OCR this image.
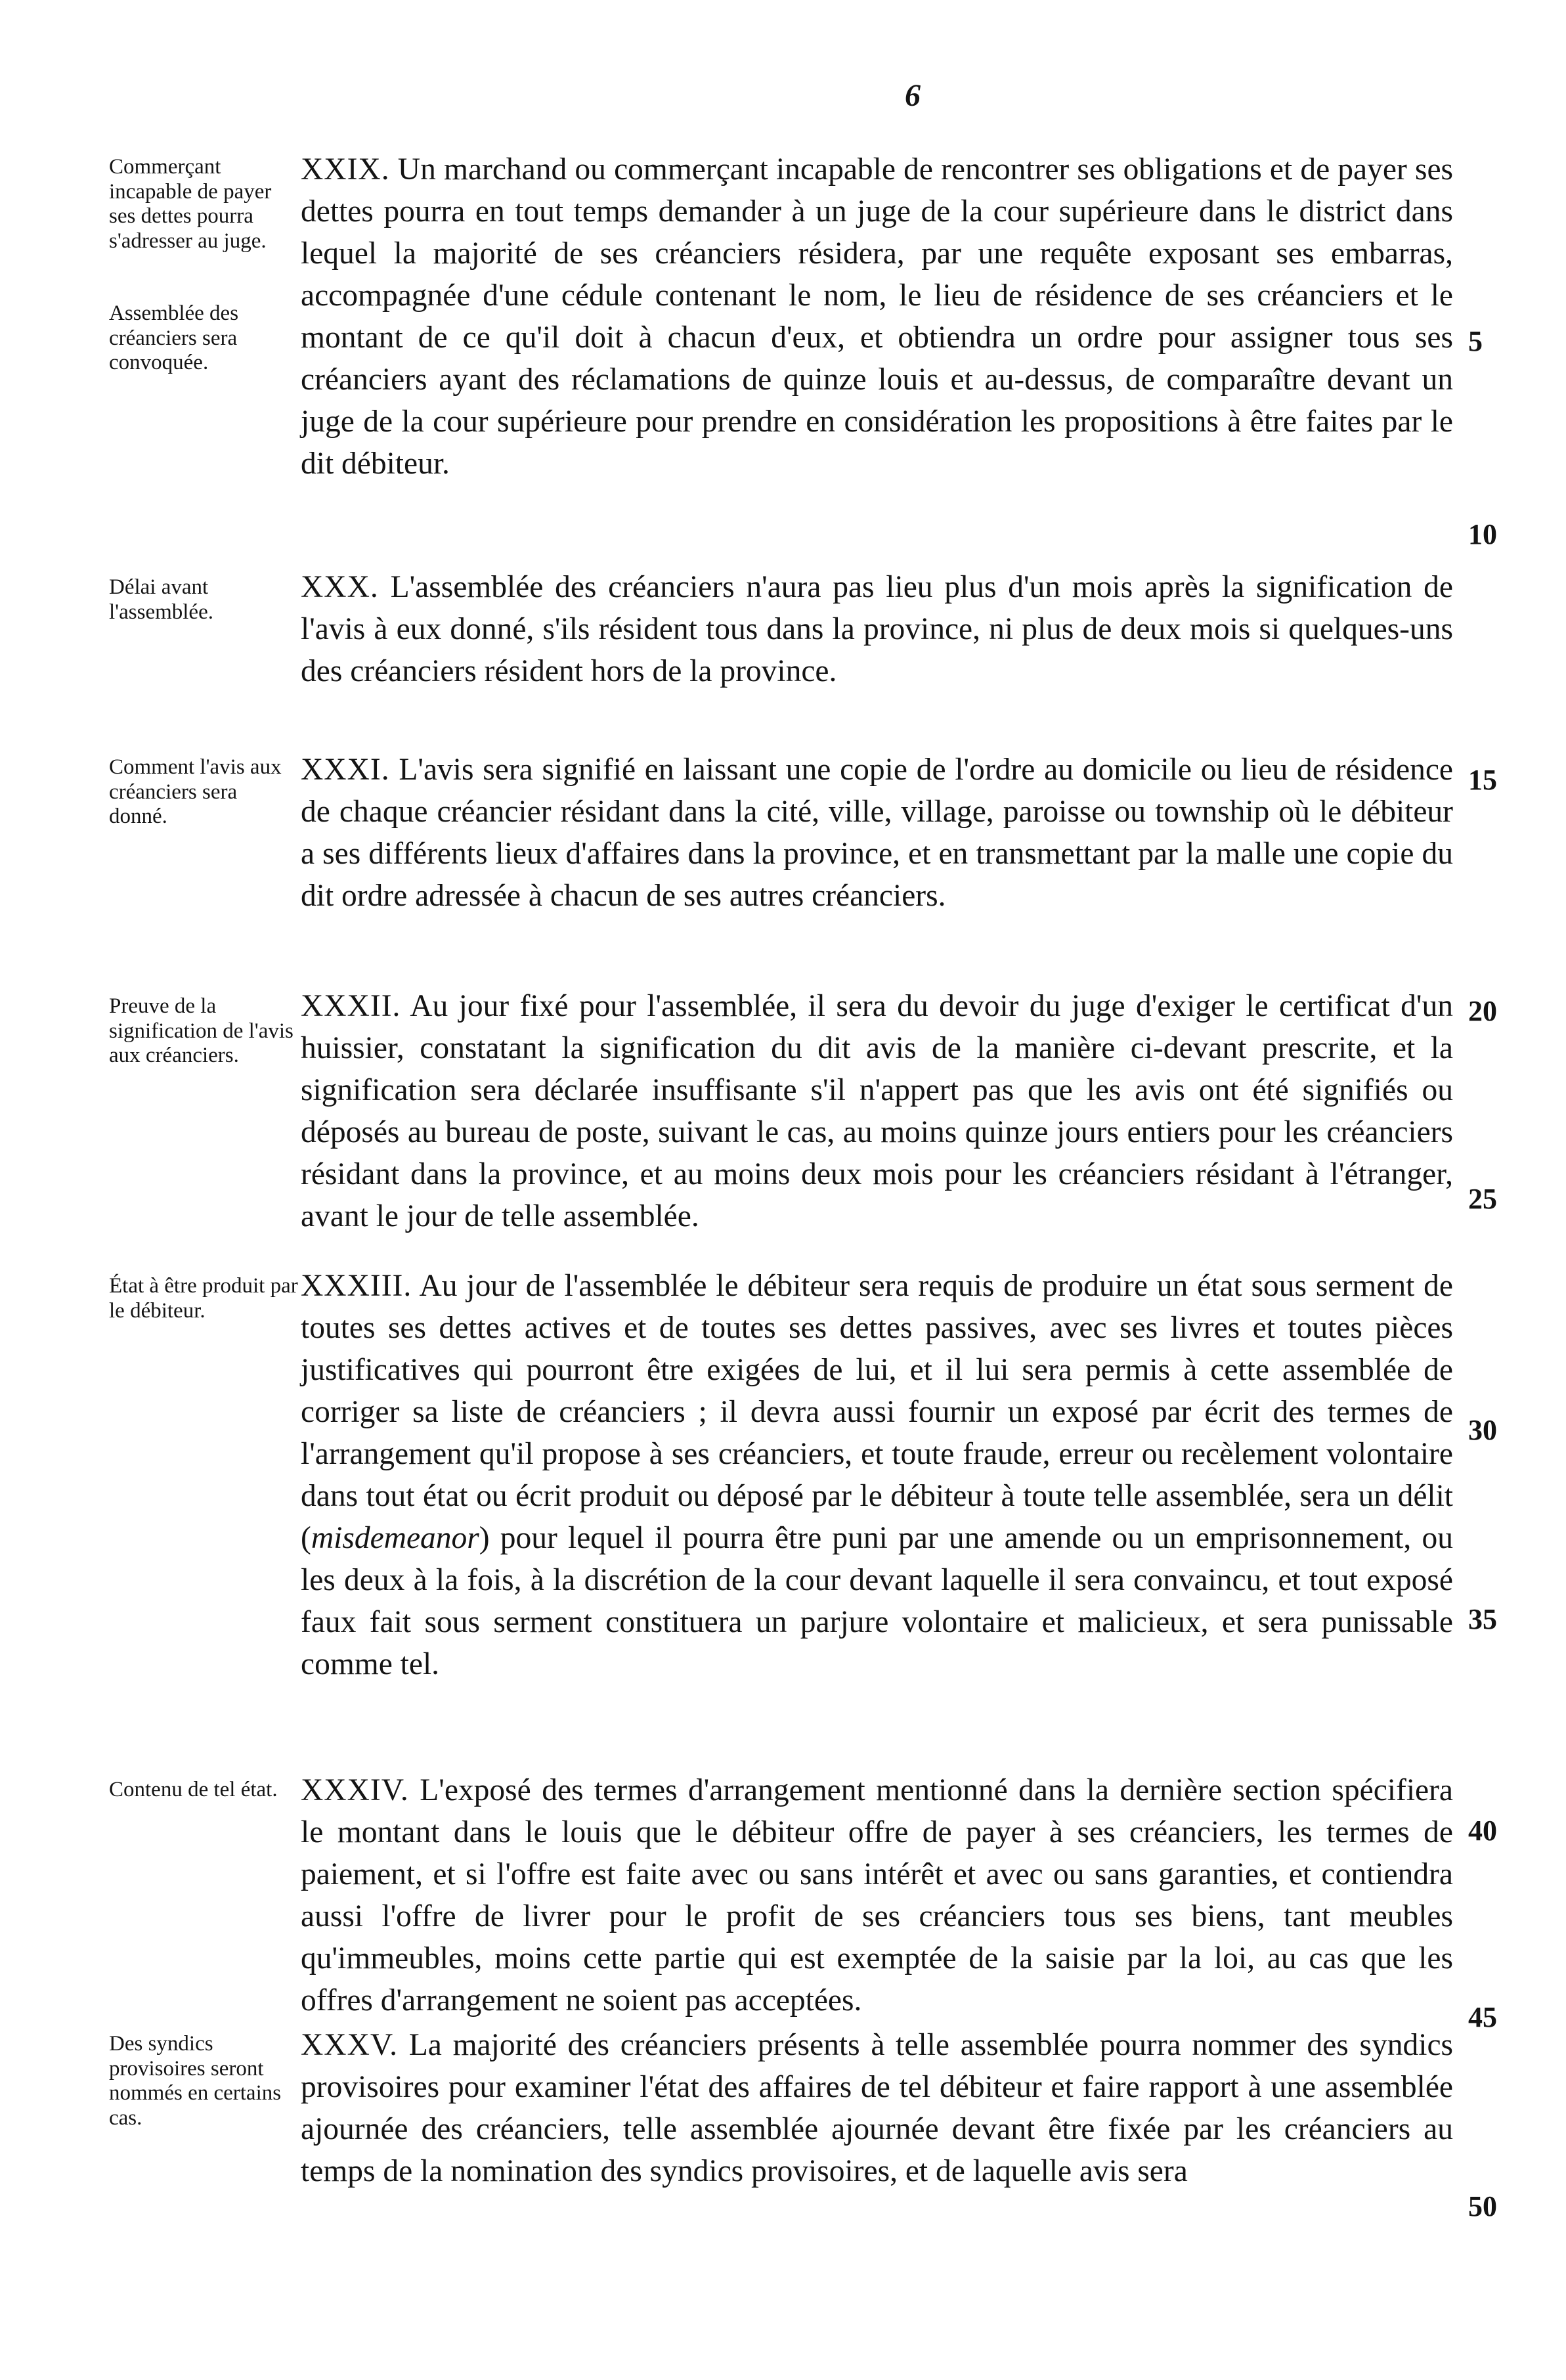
6
Commerçant incapable de payer ses dettes pourra s'adresser au juge.
Assemblée des créanciers sera convoquée.
Délai avant l'assemblée.
Comment l'avis aux créanciers sera donné.
Preuve de la signification de l'avis aux créanciers.
État à être produit par le débiteur.
Contenu de tel état.
Des syndics provisoires seront nommés en certains cas.
XXIX. Un marchand ou commerçant incapable de rencontrer ses obligations et de payer ses dettes pourra en tout temps demander à un juge de la cour supérieure dans le district dans lequel la majorité de ses créanciers résidera, par une requête exposant ses embarras, accompagnée d'une cédule contenant le nom, le lieu de résidence de ses créanciers et le montant de ce qu'il doit à chacun d'eux, et obtiendra un ordre pour assigner tous ses créanciers ayant des réclamations de quinze louis et au-dessus, de comparaître devant un juge de la cour supérieure pour prendre en considération les propositions à être faites par le dit débiteur.
XXX. L'assemblée des créanciers n'aura pas lieu plus d'un mois après la signification de l'avis à eux donné, s'ils résident tous dans la province, ni plus de deux mois si quelques-uns des créanciers résident hors de la province.
XXXI. L'avis sera signifié en laissant une copie de l'ordre au domicile ou lieu de résidence de chaque créancier résidant dans la cité, ville, village, paroisse ou township où le débiteur a ses différents lieux d'affaires dans la province, et en transmettant par la malle une copie du dit ordre adressée à chacun de ses autres créanciers.
XXXII. Au jour fixé pour l'assemblée, il sera du devoir du juge d'exiger le certificat d'un huissier, constatant la signification du dit avis de la manière ci-devant prescrite, et la signification sera déclarée insuffisante s'il n'appert pas que les avis ont été signifiés ou déposés au bureau de poste, suivant le cas, au moins quinze jours entiers pour les créanciers résidant dans la province, et au moins deux mois pour les créanciers résidant à l'étranger, avant le jour de telle assemblée.
XXXIII. Au jour de l'assemblée le débiteur sera requis de produire un état sous serment de toutes ses dettes actives et de toutes ses dettes passives, avec ses livres et toutes pièces justificatives qui pourront être exigées de lui, et il lui sera permis à cette assemblée de corriger sa liste de créanciers ; il devra aussi fournir un exposé par écrit des termes de l'arrangement qu'il propose à ses créanciers, et toute fraude, erreur ou recèlement volontaire dans tout état ou écrit produit ou déposé par le débiteur à toute telle assemblée, sera un délit (misdemeanor) pour lequel il pourra être puni par une amende ou un emprisonnement, ou les deux à la fois, à la discrétion de la cour devant laquelle il sera convaincu, et tout exposé faux fait sous serment constituera un parjure volontaire et malicieux, et sera punissable comme tel.
XXXIV. L'exposé des termes d'arrangement mentionné dans la dernière section spécifiera le montant dans le louis que le débiteur offre de payer à ses créanciers, les termes de paiement, et si l'offre est faite avec ou sans intérêt et avec ou sans garanties, et contiendra aussi l'offre de livrer pour le profit de ses créanciers tous ses biens, tant meubles qu'immeubles, moins cette partie qui est exemptée de la saisie par la loi, au cas que les offres d'arrangement ne soient pas acceptées.
XXXV. La majorité des créanciers présents à telle assemblée pourra nommer des syndics provisoires pour examiner l'état des affaires de tel débiteur et faire rapport à une assemblée ajournée des créanciers, telle assemblée ajournée devant être fixée par les créanciers au temps de la nomination des syndics provisoires, et de laquelle avis sera
5
10
15
20
25
30
35
40
45
50
